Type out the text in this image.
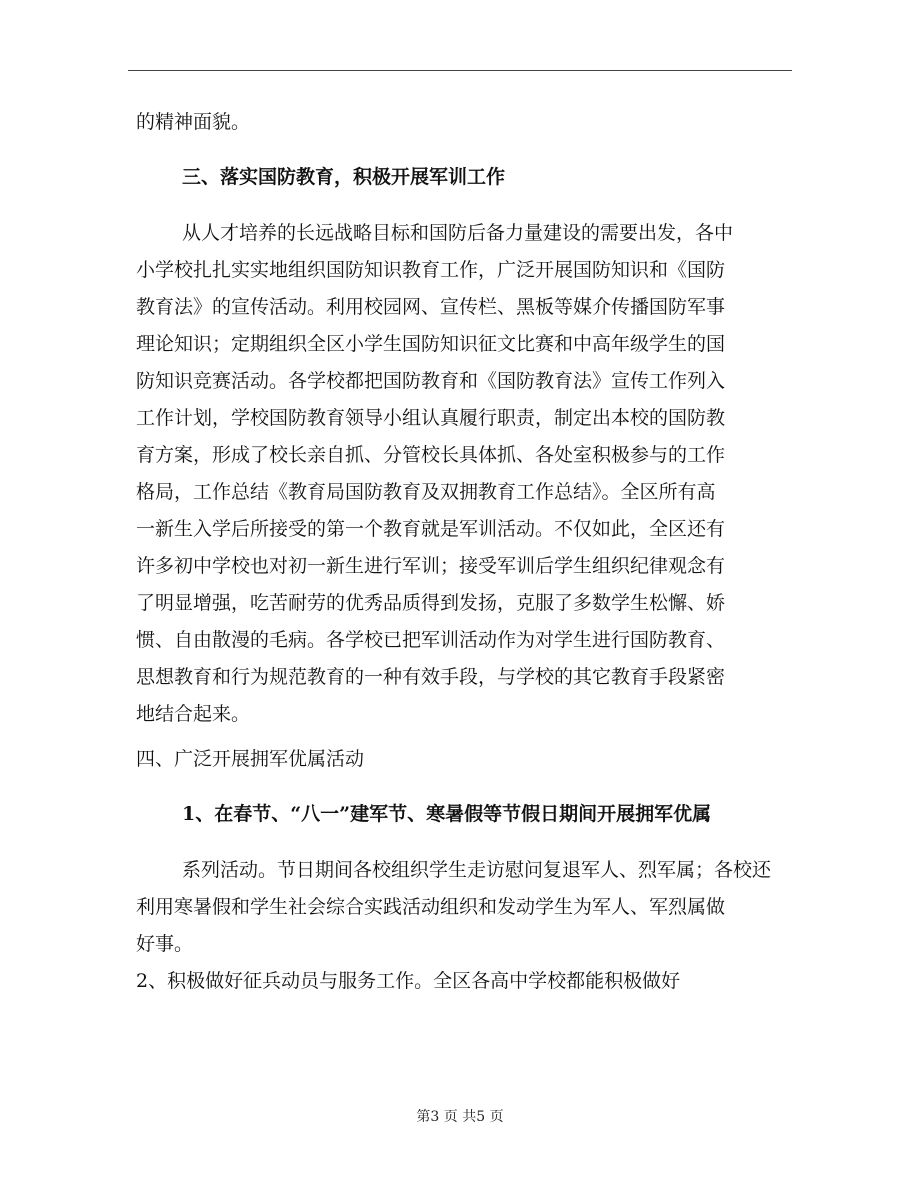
的精神面貌。
三、落实国防教育，积极开展军训工作
从人才培养的长远战略目标和国防后备力量建设的需要出发，各中
小学校扎扎实实地组织国防知识教育工作，广泛开展国防知识和《国防
教育法》的宣传活动。利用校园网、宣传栏、黑板等媒介传播国防军事
理论知识；定期组织全区小学生国防知识征文比赛和中高年级学生的国
防知识竞赛活动。各学校都把国防教育和《国防教育法》宣传工作列入
工作计划，学校国防教育领导小组认真履行职责，制定出本校的国防教
育方案，形成了校长亲自抓、分管校长具体抓、各处室积极参与的工作
格局，工作总结《教育局国防教育及双拥教育工作总结》。全区所有高
一新生入学后所接受的第一个教育就是军训活动。不仅如此，全区还有
许多初中学校也对初一新生进行军训；接受军训后学生组织纪律观念有
了明显增强，吃苦耐劳的优秀品质得到发扬，克服了多数学生松懈、娇
惯、自由散漫的毛病。各学校已把军训活动作为对学生进行国防教育、
思想教育和行为规范教育的一种有效手段，与学校的其它教育手段紧密
地结合起来。
四、广泛开展拥军优属活动
1、在春节、“八一”建军节、寒暑假等节假日期间开展拥军优属
系列活动。节日期间各校组织学生走访慰问复退军人、烈军属；各校还
利用寒暑假和学生社会综合实践活动组织和发动学生为军人、军烈属做
好事。
2、积极做好征兵动员与服务工作。全区各高中学校都能积极做好
第3 页 共5 页
